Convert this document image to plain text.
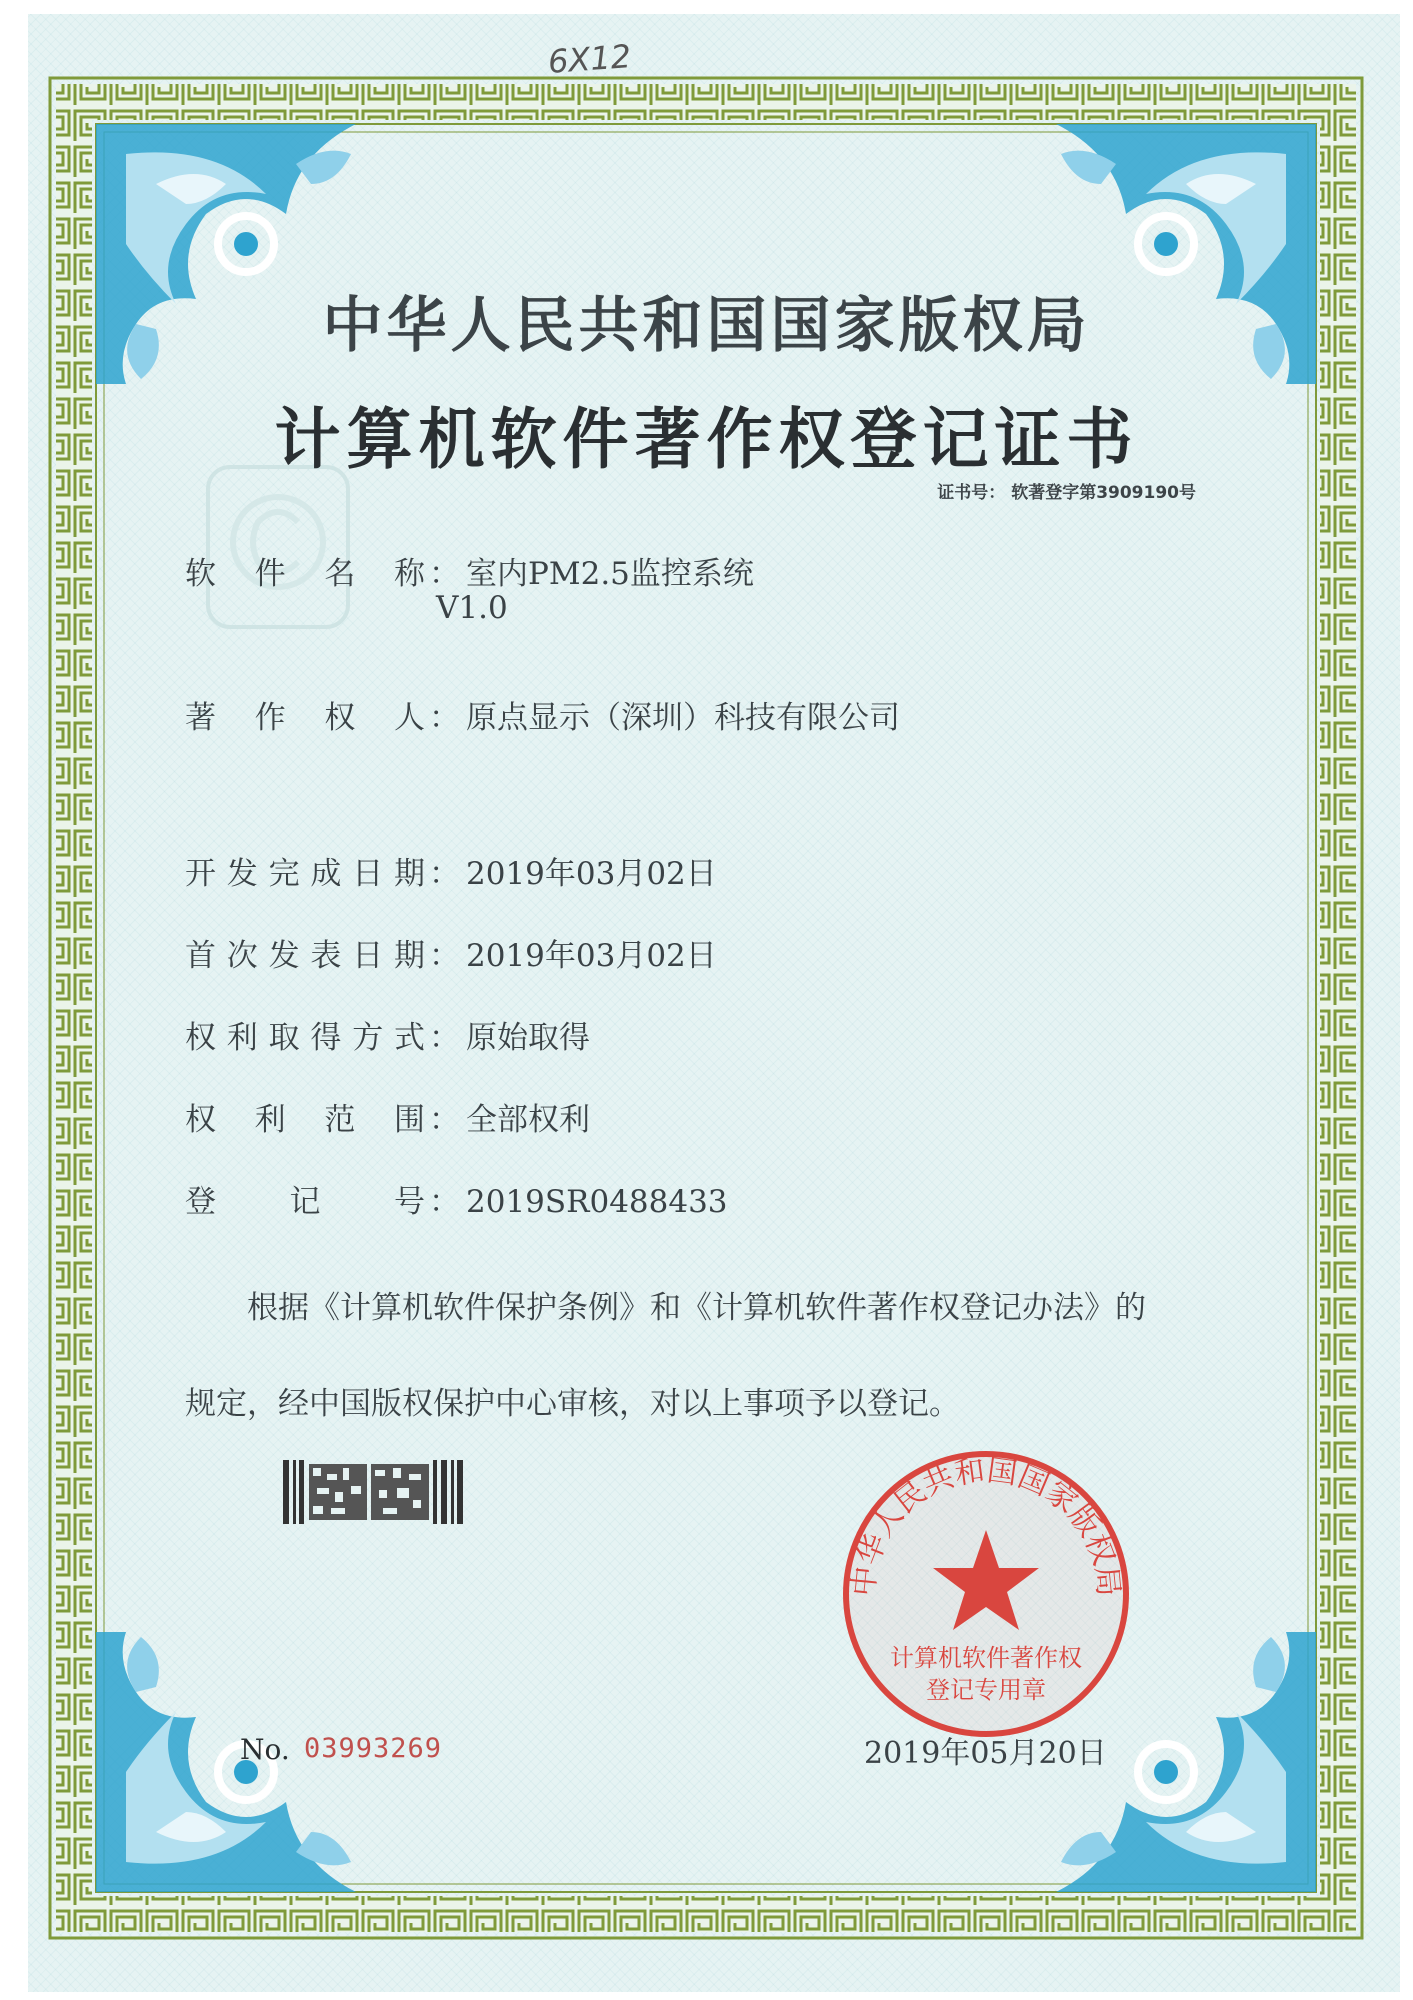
6X12
中华人民共和国国家版权局
计算机软件著作权登记证书
证书号： 软著登字第3909190号
软件名称 ： 室内PM2.5监控系统
V1.0
著作权人 ： 原点显示（深圳）科技有限公司
开发完成日期 ： 2019年03月02日
首次发表日期 ： 2019年03月02日
权利取得方式 ： 原始取得
权利范围 ： 全部权利
登记号 ： 2019SR0488433
根据《计算机软件保护条例》和《计算机软件著作权登记办法》的
规定，经中国版权保护中心审核，对以上事项予以登记。
中华人民共和国国家版权局
计算机软件著作权
登记专用章
No. 03993269	2019年05月20日
